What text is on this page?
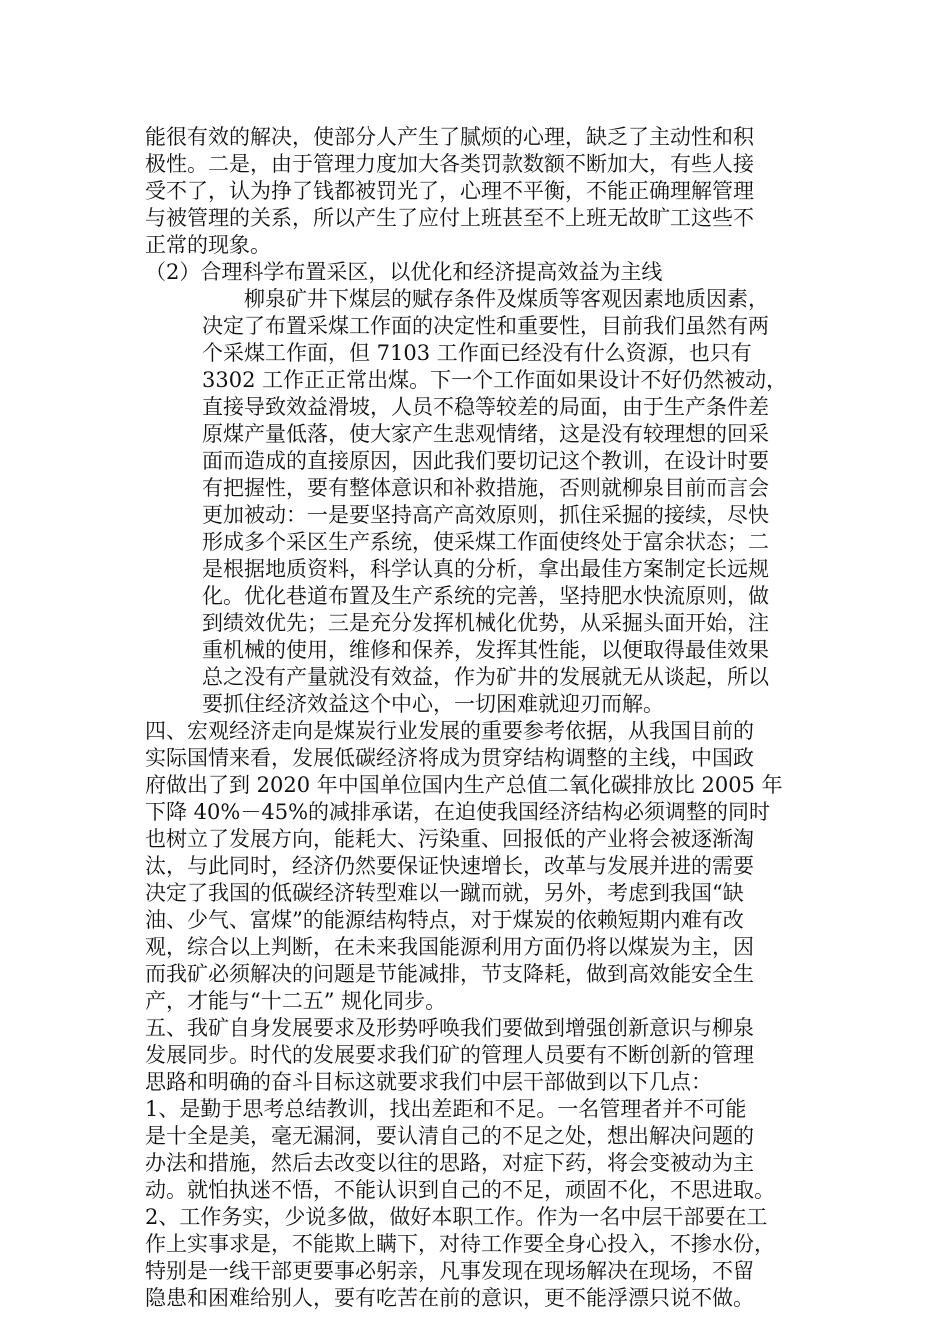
能很有效的解决，使部分人产生了腻烦的心理，缺乏了主动性和积
极性。二是，由于管理力度加大各类罚款数额不断加大，有些人接
受不了，认为挣了钱都被罚光了，心理不平衡，不能正确理解管理
与被管理的关系，所以产生了应付上班甚至不上班无故旷工这些不
正常的现象。
（2）合理科学布置采区，以优化和经济提高效益为主线
柳泉矿井下煤层的赋存条件及煤质等客观因素地质因素，
决定了布置采煤工作面的决定性和重要性，目前我们虽然有两
个采煤工作面，但 7103 工作面已经没有什么资源，也只有
3302 工作正正常出煤。下一个工作面如果设计不好仍然被动，
直接导致效益滑坡，人员不稳等较差的局面，由于生产条件差
原煤产量低落，使大家产生悲观情绪，这是没有较理想的回采
面而造成的直接原因，因此我们要切记这个教训，在设计时要
有把握性，要有整体意识和补救措施，否则就柳泉目前而言会
更加被动：一是要坚持高产高效原则，抓住采掘的接续，尽快
形成多个采区生产系统，使采煤工作面使终处于富余状态；二
是根据地质资料，科学认真的分析，拿出最佳方案制定长远规
化。优化巷道布置及生产系统的完善，坚持肥水快流原则，做
到绩效优先；三是充分发挥机械化优势，从采掘头面开始，注
重机械的使用，维修和保养，发挥其性能，以便取得最佳效果
总之没有产量就没有效益，作为矿井的发展就无从谈起，所以
要抓住经济效益这个中心，一切困难就迎刃而解。
四、宏观经济走向是煤炭行业发展的重要参考依据，从我国目前的
实际国情来看，发展低碳经济将成为贯穿结构调整的主线，中国政
府做出了到 2020 年中国单位国内生产总值二氧化碳排放比 2005 年
下降 40%－45%的减排承诺，在迫使我国经济结构必须调整的同时
也树立了发展方向，能耗大、污染重、回报低的产业将会被逐渐淘
汰，与此同时，经济仍然要保证快速增长，改革与发展并进的需要
决定了我国的低碳经济转型难以一蹴而就，另外，考虑到我国“缺
油、少气、富煤”的能源结构特点，对于煤炭的依赖短期内难有改
观，综合以上判断，在未来我国能源利用方面仍将以煤炭为主，因
而我矿必须解决的问题是节能减排，节支降耗，做到高效能安全生
产，才能与“十二五” 规化同步。
五、我矿自身发展要求及形势呼唤我们要做到增强创新意识与柳泉
发展同步。时代的发展要求我们矿的管理人员要有不断创新的管理
思路和明确的奋斗目标这就要求我们中层干部做到以下几点：
1、是勤于思考总结教训，找出差距和不足。一名管理者并不可能
是十全是美，毫无漏洞，要认清自己的不足之处，想出解决问题的
办法和措施，然后去改变以往的思路，对症下药，将会变被动为主
动。就怕执迷不悟，不能认识到自己的不足，顽固不化，不思进取。
2、工作务实，少说多做，做好本职工作。作为一名中层干部要在工
作上实事求是，不能欺上瞒下，对待工作要全身心投入，不掺水份，
特别是一线干部更要事必躬亲，凡事发现在现场解决在现场，不留
隐患和困难给别人，要有吃苦在前的意识，更不能浮漂只说不做。
